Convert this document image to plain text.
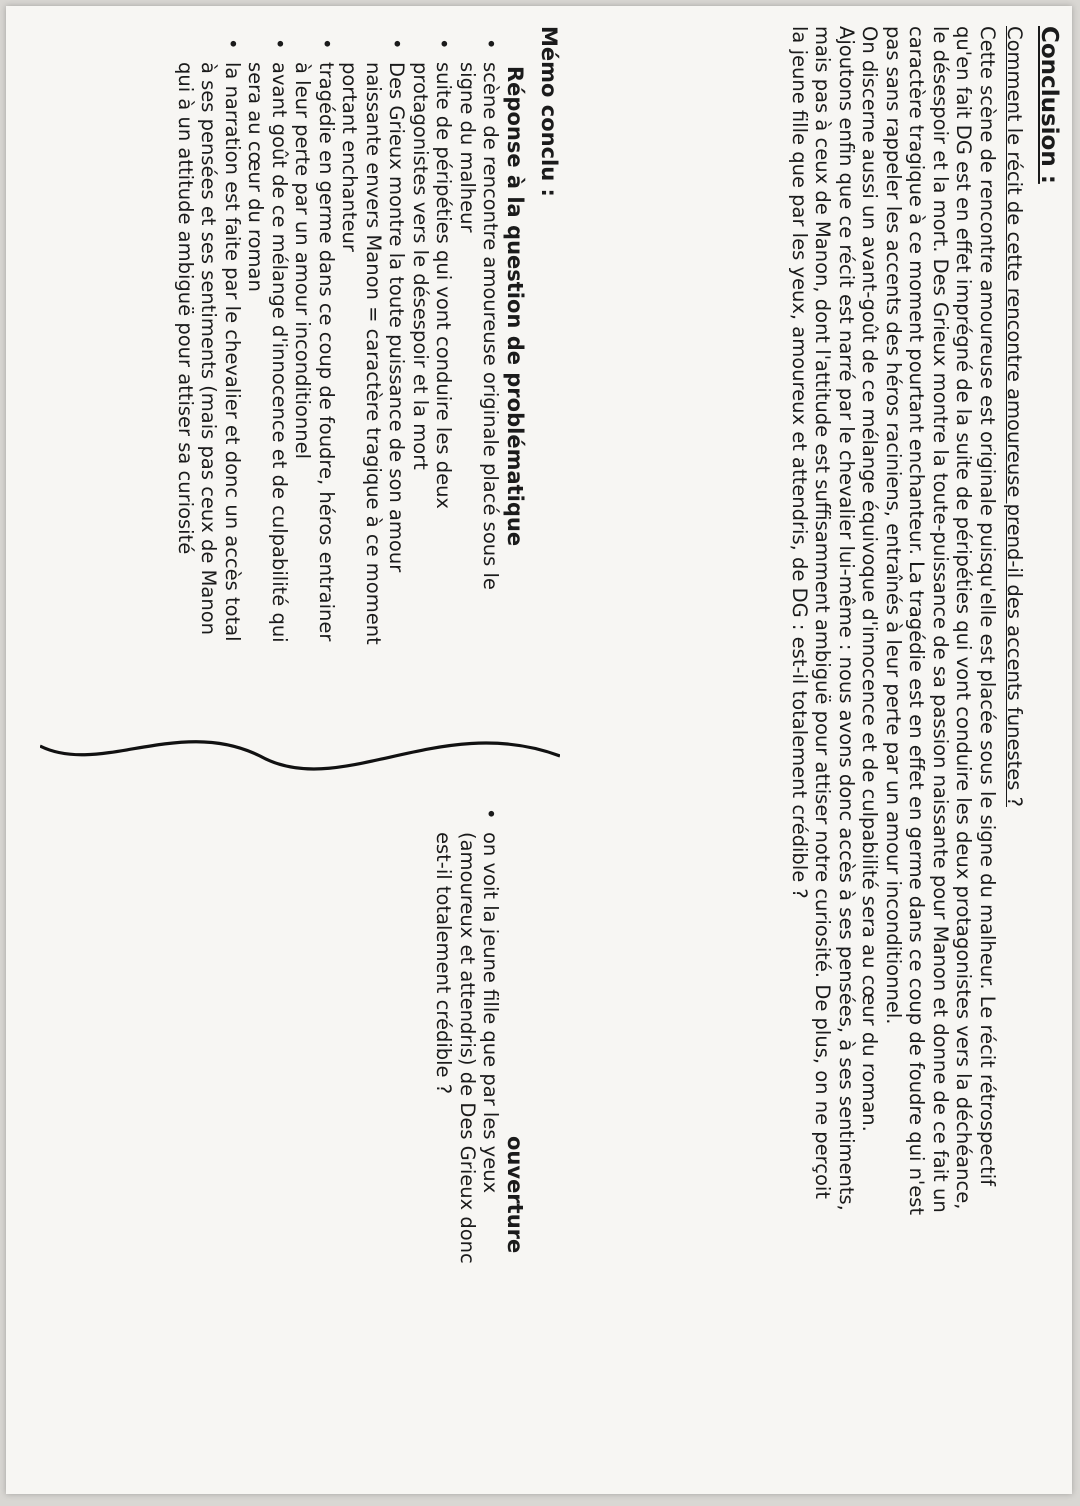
Conclusion :
Comment le récit de cette rencontre amoureuse prend-il des accents funestes ?

Cette scène de rencontre amoureuse est originale puisqu'elle est placée sous le signe du malheur. Le récit rétrospectif

qu'en fait DG est en effet imprégné de la suite de péripéties qui vont conduire les deux protagonistes vers la déchéance,

le désespoir et la mort. Des Grieux montre la toute-puissance de sa passion naissante pour Manon et donne de ce fait un

caractère tragique à ce moment pourtant enchanteur. La tragédie est en effet en germe dans ce coup de foudre qui n'est

pas sans rappeler les accents des héros raciniens, entraînés à leur perte par un amour inconditionnel.

On discerne aussi un avant-goût de ce mélange équivoque d'innocence et de culpabilité sera au cœur du roman.

Ajoutons enfin que ce récit est narré par le chevalier lui-même : nous avons donc accès à ses pensées, à ses sentiments,

mais pas à ceux de Manon, dont l'attitude est suffisamment ambiguë pour attiser notre curiosité. De plus, on ne perçoit

la jeune fille que par les yeux, amoureux et attendris, de DG : est-il totalement crédible ?

Mémo conclu :
Réponse à la question de problématique
•
scène de rencontre amoureuse originale placé sous le
signe du malheur
•
suite de péripéties qui vont conduire les deux
protagonistes vers le désespoir et la mort
•
Des Grieux montre la toute puissance de son amour
naissante envers Manon = caractère tragique à ce moment
portant enchanteur
•
tragédie en germe dans ce coup de foudre, héros entrainer
à leur perte par un amour inconditionnel
•
avant goût de ce mélange d'innocence et de culpabilité qui
sera au cœur du roman
•
la narration est faite par le chevalier et donc un accès total
à ses pensées et ses sentiments (mais pas ceux de Manon
qui à un attitude ambiguë pour attiser sa curiosité
ouverture
•
on voit la jeune fille que par les yeux
(amoureux et attendris) de Des Grieux donc
est-il totalement crédible ?
